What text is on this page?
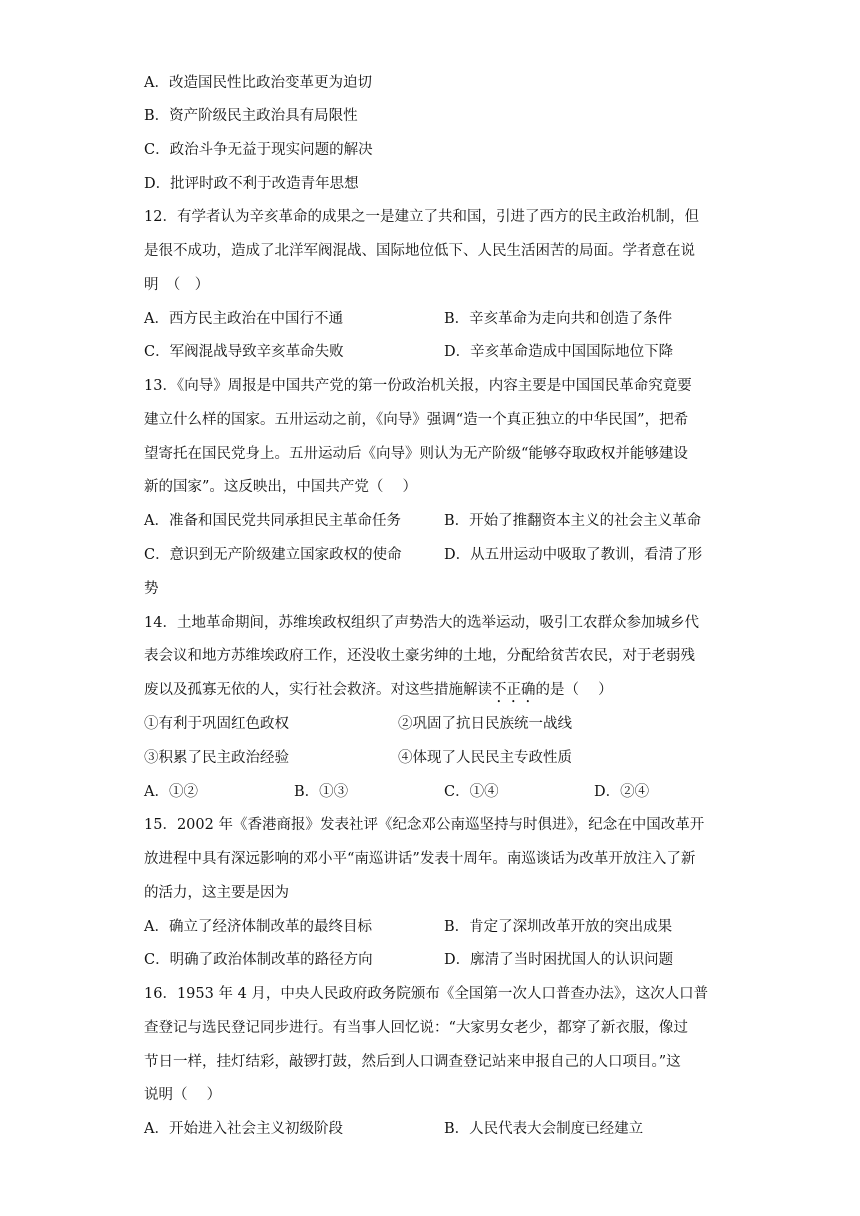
A．改造国民性比政治变革更为迫切
B．资产阶级民主政治具有局限性
C．政治斗争无益于现实问题的解决
D．批评时政不利于改造青年思想
12．有学者认为辛亥革命的成果之一是建立了共和国，引进了西方的民主政治机制，但
是很不成功，造成了北洋军阀混战、国际地位低下、人民生活困苦的局面。学者意在说
明　（　）
A．西方民主政治在中国行不通	B．辛亥革命为走向共和创造了条件
C．军阀混战导致辛亥革命失败	D．辛亥革命造成中国国际地位下降
13．《向导》周报是中国共产党的第一份政治机关报，内容主要是中国国民革命究竟要
建立什么样的国家。五卅运动之前，《向导》强调“造一个真正独立的中华民国”，把希
望寄托在国民党身上。五卅运动后《向导》则认为无产阶级“能够夺取政权并能够建设
新的国家”。这反映出，中国共产党（　 ）
A．准备和国民党共同承担民主革命任务	B．开始了推翻资本主义的社会主义革命
C．意识到无产阶级建立国家政权的使命	D．从五卅运动中吸取了教训，看清了形
势
14．土地革命期间，苏维埃政权组织了声势浩大的选举运动，吸引工农群众参加城乡代
表会议和地方苏维埃政府工作，还没收土豪劣绅的土地，分配给贫苦农民，对于老弱残
废以及孤寡无依的人，实行社会救济。对这些措施解读不正确的是（　 ）
①有利于巩固红色政权	②巩固了抗日民族统一战线
③积累了民主政治经验	④体现了人民民主专政性质
A．①②	B．①③	C．①④	D．②④
15．2002 年《香港商报》发表社评《纪念邓公南巡坚持与时俱进》，纪念在中国改革开
放进程中具有深远影响的邓小平“南巡讲话”发表十周年。南巡谈话为改革开放注入了新
的活力，这主要是因为
A．确立了经济体制改革的最终目标	B．肯定了深圳改革开放的突出成果
C．明确了政治体制改革的路径方向	D．廓清了当时困扰国人的认识问题
16．1953 年 4 月，中央人民政府政务院颁布《全国第一次人口普查办法》，这次人口普
查登记与选民登记同步进行。有当事人回忆说：“大家男女老少，都穿了新衣服，像过
节日一样，挂灯结彩，敲锣打鼓，然后到人口调查登记站来申报自己的人口项目。”这
说明（　 ）
A．开始进入社会主义初级阶段	B．人民代表大会制度已经建立
